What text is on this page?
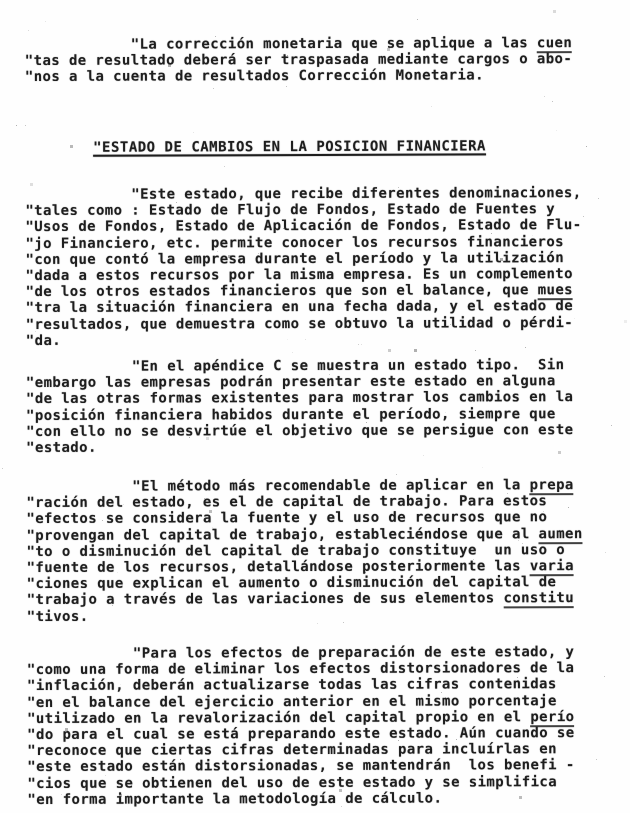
"ESTADO DE CAMBIOS EN LA POSICION FINANCIERA
"La corrección monetaria que se aplique a las cuen
"tas de resultado deberá ser traspasada mediante cargos o abo-
"nos a la cuenta de resultados Corrección Monetaria.
"Este estado, que recibe diferentes denominaciones,
"tales como : Estado de Flujo de Fondos, Estado de Fuentes y
"Usos de Fondos, Estado de Aplicación de Fondos, Estado de Flu-
"jo Financiero, etc. permite conocer los recursos financieros
"con que contó la empresa durante el período y la utilización
"dada a estos recursos por la misma empresa. Es un complemento
"de los otros estados financieros que son el balance, que mues
"tra la situación financiera en una fecha dada, y el estado de
"resultados, que demuestra como se obtuvo la utilidad o pérdi-
"da.
"En el apéndice C se muestra un estado tipo.  Sin
"embargo las empresas podrán presentar este estado en alguna
"de las otras formas existentes para mostrar los cambios en la
"posición financiera habidos durante el período, siempre que
"con ello no se desvirtúe el objetivo que se persigue con este
"estado.
"El método más recomendable de aplicar en la prepa
"ración del estado, es el de capital de trabajo. Para estos
"efectos se considera la fuente y el uso de recursos que no
"provengan del capital de trabajo, estableciéndose que al aumen
"to o disminución del capital de trabajo constituye  un uso o
"fuente de los recursos, detallándose posteriormente las varia
"ciones que explican el aumento o disminución del capital de
"trabajo a través de las variaciones de sus elementos constitu
"tivos.
"Para los efectos de preparación de este estado, y
"como una forma de eliminar los efectos distorsionadores de la
"inflación, deberán actualizarse todas las cifras contenidas
"en el balance del ejercicio anterior en el mismo porcentaje
"utilizado en la revalorización del capital propio en el perío
"do para el cual se está preparando este estado. Aún cuando se
"reconoce que ciertas cifras determinadas para incluírlas en
"este estado están distorsionadas, se mantendrán  los benefi -
"cios que se obtienen del uso de este estado y se simplifica
"en forma importante la metodología de cálculo.
